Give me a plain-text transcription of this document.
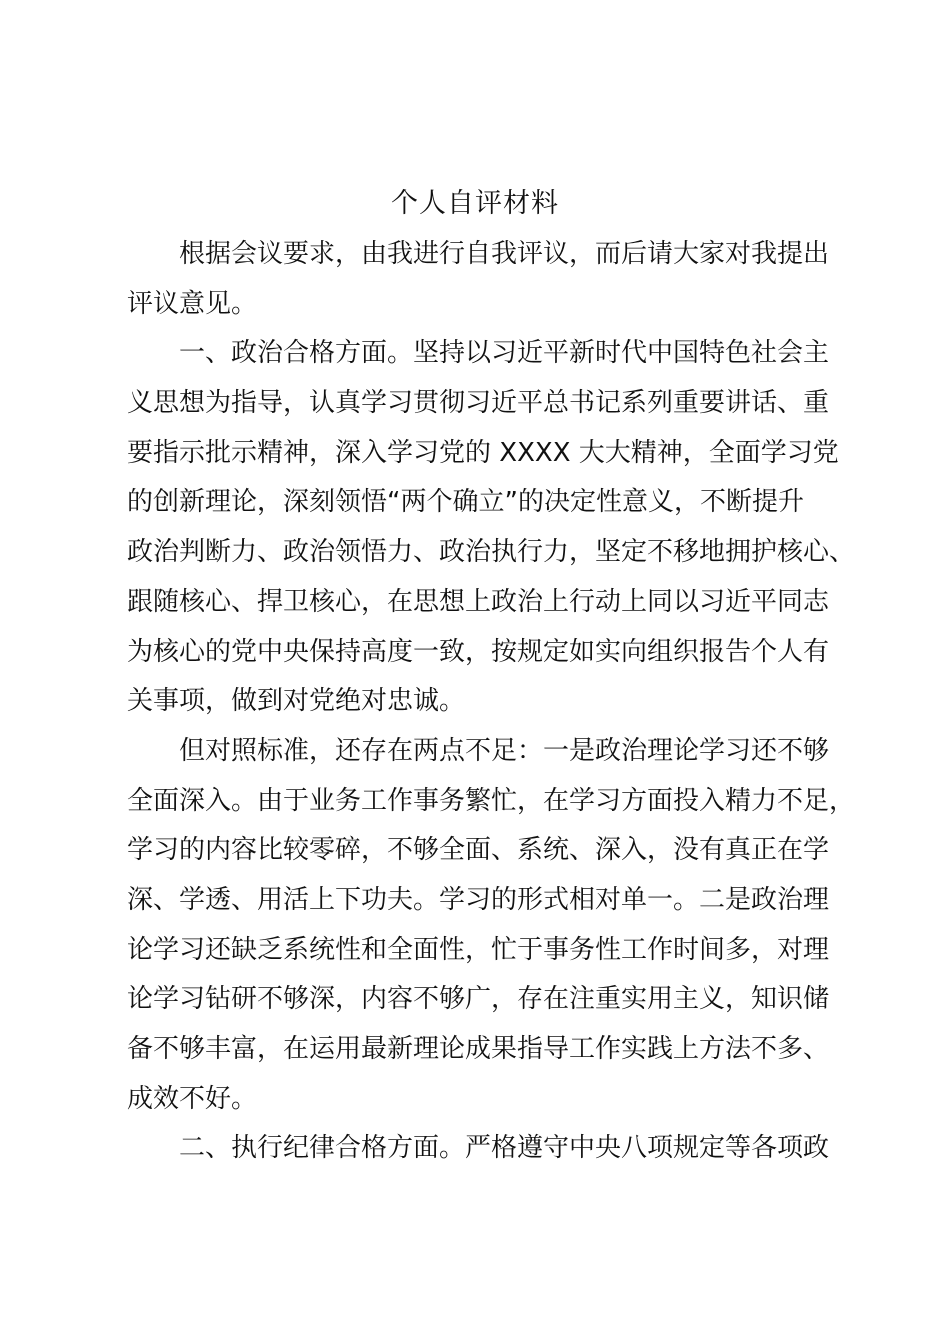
个人自评材料
根据会议要求，由我进行自我评议，而后请大家对我提出
评议意见。
一、政治合格方面。坚持以习近平新时代中国特色社会主
义思想为指导，认真学习贯彻习近平总书记系列重要讲话、重
要指示批示精神，深入学习党的 XXXX 大大精神，全面学习党
的创新理论，深刻领悟“两个确立”的决定性意义，不断提升
政治判断力、政治领悟力、政治执行力，坚定不移地拥护核心、
跟随核心、捍卫核心，在思想上政治上行动上同以习近平同志
为核心的党中央保持高度一致，按规定如实向组织报告个人有
关事项，做到对党绝对忠诚。
但对照标准，还存在两点不足：一是政治理论学习还不够
全面深入。由于业务工作事务繁忙，在学习方面投入精力不足，
学习的内容比较零碎，不够全面、系统、深入，没有真正在学
深、学透、用活上下功夫。学习的形式相对单一。二是政治理
论学习还缺乏系统性和全面性，忙于事务性工作时间多，对理
论学习钻研不够深，内容不够广，存在注重实用主义，知识储
备不够丰富，在运用最新理论成果指导工作实践上方法不多、
成效不好。
二、执行纪律合格方面。严格遵守中央八项规定等各项政
